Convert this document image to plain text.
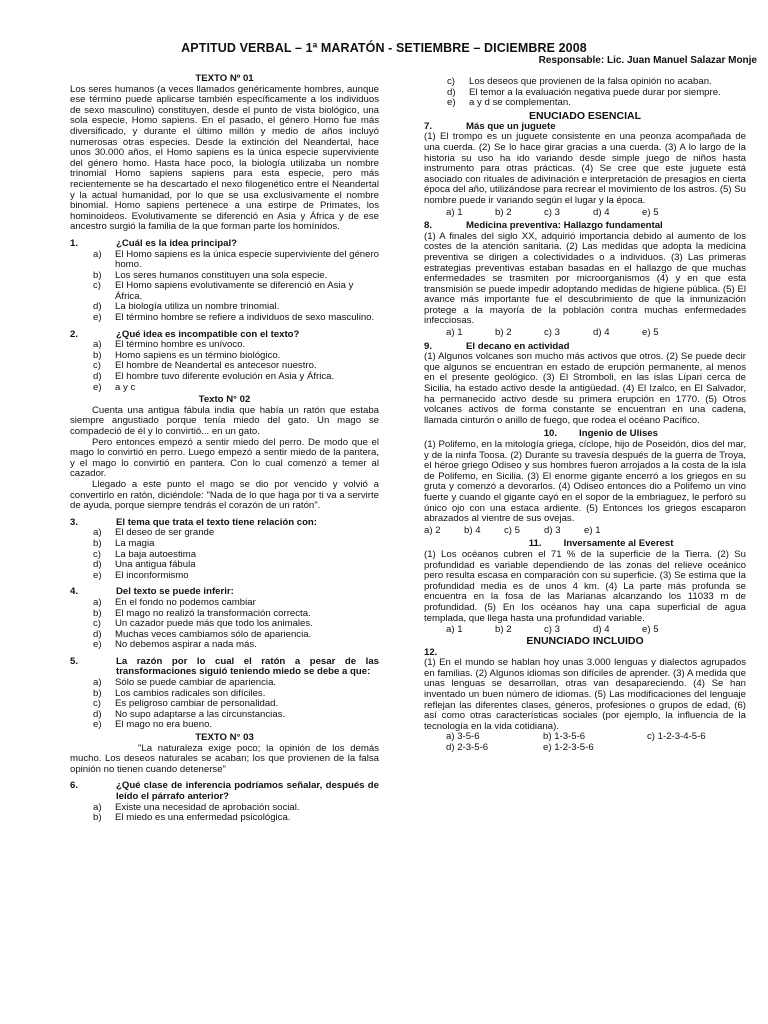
APTITUD VERBAL – 1ª MARATÓN - SETIEMBRE – DICIEMBRE 2008
Responsable: Lic. Juan Manuel Salazar Monje
TEXTO Nº 01

Los seres humanos (a veces llamados genéricamente hombres, aunque ese término puede aplicarse también específicamente a los individuos de sexo masculino) constituyen, desde el punto de vista biológico, una sola especie, Homo sapiens. En el pasado, el género Homo fue más diversificado, y durante el último millón y medio de años incluyó numerosas otras especies. Desde la extinción del Neandertal, hace unos 30.000 años, el Homo sapiens es la única especie superviviente del género homo. Hasta hace poco, la biología utilizaba un nombre trinomial Homo sapiens sapiens para esta especie, pero más recientemente se ha descartado el nexo filogenético entre el Neandertal y la actual humanidad, por lo que se usa exclusivamente el nombre binomial. Homo sapiens pertenece a una estirpe de Primates, los hominoideos. Evolutivamente se diferenció en Asia y África y de ese ancestro surgió la familia de la que forman parte los homínidos.

1.	¿Cuál es la idea principal?
a)	El Homo sapiens es la única especie superviviente del género homo.
b)	Los seres humanos constituyen una sola especie.
c)	El Homo sapiens evolutivamente se diferenció en Asia y África.
d)	La biología utiliza un nombre trinomial.
e)	El término hombre se refiere a individuos de sexo masculino.
2.	¿Qué idea es incompatible con el texto?
a)	El término hombre es unívoco.
b)	Homo sapiens es un término biológico.
c)	El hombre de Neandertal es antecesor nuestro.
d)	El hombre tuvo diferente evolución en Asia y África.
e)	a y c
Texto N° 02

Cuenta una antigua fábula india que había un ratón que estaba siempre angustiado porque tenía miedo del gato. Un mago se compadeció de él y lo convirtió... en un gato.

Pero entonces empezó a sentir miedo del perro. De modo que el mago lo convirtió en perro. Luego empezó a sentir miedo de la pantera, y el mago lo convirtió en pantera. Con lo cual comenzó a temer al cazador.

Llegado a este punto el mago se dio por vencido y volvió a convertirlo en ratón, diciéndole: "Nada de lo que haga por ti va a servirte de ayuda, porque siempre tendrás el corazón de un ratón".

3.	El tema que trata el texto tiene relación con:
a)	El deseo de ser grande
b)	La magia
c)	La baja autoestima
d)	Una antigua fábula
e)	El inconformismo
4.	Del texto se puede inferir:
a)	En el fondo no podemos cambiar
b)	El mago no realizó la transformación correcta.
c)	Un cazador puede más que todo los animales.
d)	Muchas veces cambiamos sólo de apariencia.
e)	No debemos aspirar a nada más.
5.	La razón por lo cual el ratón a pesar de las transformaciones siguió teniendo miedo se debe a que:
a)	Sólo se puede cambiar de apariencia.
b)	Los cambios radicales son difíciles.
c)	Es peligroso cambiar de personalidad.
d)	No supo adaptarse a las circunstancias.
e)	El mago no era bueno.
TEXTO N° 03

"La naturaleza exige poco; la opinión de los demás mucho. Los deseos naturales se acaban; los que provienen de la falsa opinión no tienen cuando detenerse"

6.	¿Qué clase de inferencia podríamos señalar, después de leído el párrafo anterior?
a)	Existe una necesidad de aprobación social.
b)	El miedo es una enfermedad psicológica.
c)	Los deseos que provienen de la falsa opinión no acaban.
d)	El temor a la evaluación negativa puede durar por siempre.
e)	a y d se complementan.
ENUCIADO ESENCIAL
7.	Más que un juguete

(1) El trompo es un juguete consistente en una peonza acompañada de una cuerda. (2) Se lo hace girar gracias a una cuerda. (3) A lo largo de la historia su uso ha ido variando desde simple juego de niños hasta instrumento para otras prácticas. (4) Se cree que este juguete está asociado con rituales de adivinación e interpretación de presagios en cierta época del año, utilizándose para recrear el movimiento de los astros. (5) Su nombre puede ir variando según el lugar y la época.

a) 1	b) 2	c) 3	d) 4	e) 5
8.	Medicina preventiva: Hallazgo fundamental

(1) A finales del siglo XX, adquirió importancia debido al aumento de los costes de la atención sanitaria. (2) Las medidas que adopta la medicina preventiva se dirigen a colectividades o a individuos. (3) Las primeras estrategias preventivas estaban basadas en el hallazgo de que muchas enfermedades se trasmiten por microorganismos (4) y en que esta transmisión se puede impedir adoptando medidas de higiene pública. (5) El avance más importante fue el descubrimiento de que la inmunización protege a la mayoría de la población contra muchas enfermedades infecciosas.

a) 1	b) 2	c) 3	d) 4	e) 5
9.	El decano en actividad

(1) Algunos volcanes son mucho más activos que otros. (2) Se puede decir que algunos se encuentran en estado de erupción permanente, al menos en el presente geológico. (3) El Stromboli, en las islas Lípari cerca de Sicilia, ha estado activo desde la antigüedad. (4) El Izalco, en El Salvador, ha permanecido activo desde su primera erupción en 1770. (5) Otros volcanes activos de forma constante se encuentran en una cadena, llamada cinturón o anillo de fuego, que rodea el océano Pacífico.

10.	Ingenio de Ulises

(1) Polifemo, en la mitología griega, cíclope, hijo de Poseidón, dios del mar, y de la ninfa Toosa. (2) Durante su travesía después de la guerra de Troya, el héroe griego Odiseo y sus hombres fueron arrojados a la costa de la isla de Polifemo, en Sicilia. (3) El enorme gigante encerró a los griegos en su gruta y comenzó a devorarlos. (4) Odiseo entonces dio a Polifemo un vino fuerte y cuando el gigante cayó en el sopor de la embriaguez, le perforó su único ojo con una estaca ardiente. (5) Entonces los griegos escaparon abrazados al vientre de sus ovejas.

a) 2	b) 4	c) 5	d) 3	e) 1
11.	Inversamente al Everest

(1) Los océanos cubren el 71 % de la superficie de la Tierra. (2) Su profundidad es variable dependiendo de las zonas del relieve oceánico pero resulta escasa en comparación con su superficie. (3) Se estima que la profundidad media es de unos 4 km. (4) La parte más profunda se encuentra en la fosa de las Marianas alcanzando los 11033 m de profundidad. (5) En los océanos hay una capa superficial de agua templada, que llega hasta una profundidad variable.

a) 1	b) 2	c) 3	d) 4	e) 5
ENUNCIADO INCLUIDO
12.

(1) En el mundo se hablan hoy unas 3.000 lenguas y dialectos agrupados en familias. (2) Algunos idiomas son difíciles de aprender. (3) A medida que unas lenguas se desarrollan, otras van desapareciendo. (4) Se han inventado un buen número de idiomas. (5) Las modificaciones del lenguaje reflejan las diferentes clases, géneros, profesiones o grupos de edad, (6) así como otras características sociales (por ejemplo, la influencia de la tecnología en la vida cotidiana).

a) 3-5-6	b) 1-3-5-6	c) 1-2-3-4-5-6
d) 2-3-5-6	e) 1-2-3-5-6
